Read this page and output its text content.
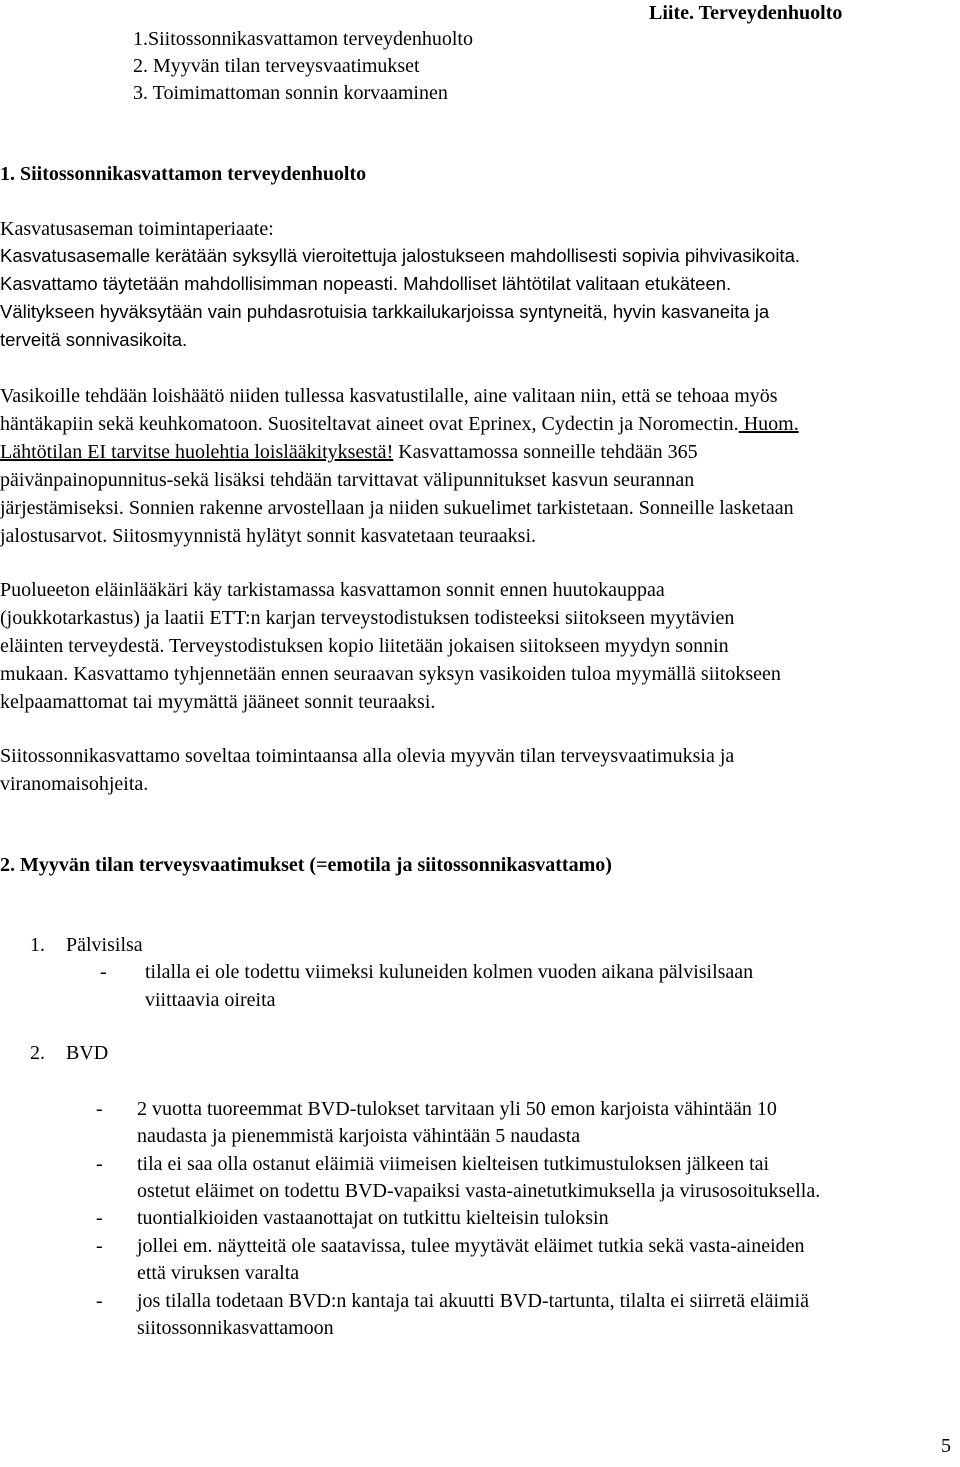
1.Siitossonnikasvattamon terveydenhuolto
2. Myyvän tilan terveysvaatimukset
3. Toimimattoman sonnin korvaaminen
Liite. Terveydenhuolto
1. Siitossonnikasvattamon terveydenhuolto
Kasvatusaseman toimintaperiaate:
Kasvatusasemalle kerätään syksyllä vieroitettuja jalostukseen mahdollisesti sopivia pihvivasikoita.
Kasvattamo täytetään mahdollisimman nopeasti. Mahdolliset lähtötilat valitaan etukäteen.
Välitykseen hyväksytään vain puhdasrotuisia tarkkailukarjoissa syntyneitä, hyvin kasvaneita ja
terveitä sonnivasikoita.
Vasikoille tehdään loishäätö niiden tullessa kasvatustilalle, aine valitaan niin, että se tehoaa myös
häntäkapiin sekä keuhkomatoon. Suositeltavat aineet ovat Eprinex, Cydectin ja Noromectin. Huom.
Lähtötilan EI tarvitse huolehtia loislääkityksestä! Kasvattamossa sonneille tehdään 365
päivänpainopunnitus-sekä lisäksi tehdään tarvittavat välipunnitukset kasvun seurannan
järjestämiseksi. Sonnien rakenne arvostellaan ja niiden sukuelimet tarkistetaan. Sonneille lasketaan
jalostusarvot. Siitosmyynnistä hylätyt sonnit kasvatetaan teuraaksi.
Puolueeton eläinlääkäri käy tarkistamassa kasvattamon sonnit ennen huutokauppaa
(joukkotarkastus) ja laatii ETT:n karjan terveystodistuksen todisteeksi siitokseen myytävien
eläinten terveydestä. Terveystodistuksen kopio liitetään jokaisen siitokseen myydyn sonnin
mukaan. Kasvattamo tyhjennetään ennen seuraavan syksyn vasikoiden tuloa myymällä siitokseen
kelpaamattomat tai myymättä jääneet sonnit teuraaksi.
Siitossonnikasvattamo soveltaa toimintaansa alla olevia myyvän tilan terveysvaatimuksia ja
viranomaisohjeita.
2. Myyvän tilan terveysvaatimukset (=emotila ja siitossonnikasvattamo)
1. Pälvisilsa
- tilalla ei ole todettu viimeksi kuluneiden kolmen vuoden aikana pälvisilsaan
viittaavia oireita
2. BVD
- 2 vuotta tuoreemmat BVD-tulokset tarvitaan yli 50 emon karjoista vähintään 10
naudasta ja pienemmistä karjoista vähintään 5 naudasta
- tila ei saa olla ostanut eläimiä viimeisen kielteisen tutkimustuloksen jälkeen tai
ostetut eläimet on todettu BVD-vapaiksi vasta-ainetutkimuksella ja virusosoituksella.
- tuontialkioiden vastaanottajat on tutkittu kielteisin tuloksin
- jollei em. näytteitä ole saatavissa, tulee myytävät eläimet tutkia sekä vasta-aineiden
että viruksen varalta
- jos tilalla todetaan BVD:n kantaja tai akuutti BVD-tartunta, tilalta ei siirretä eläimiä
siitossonnikasvattamoon
5
